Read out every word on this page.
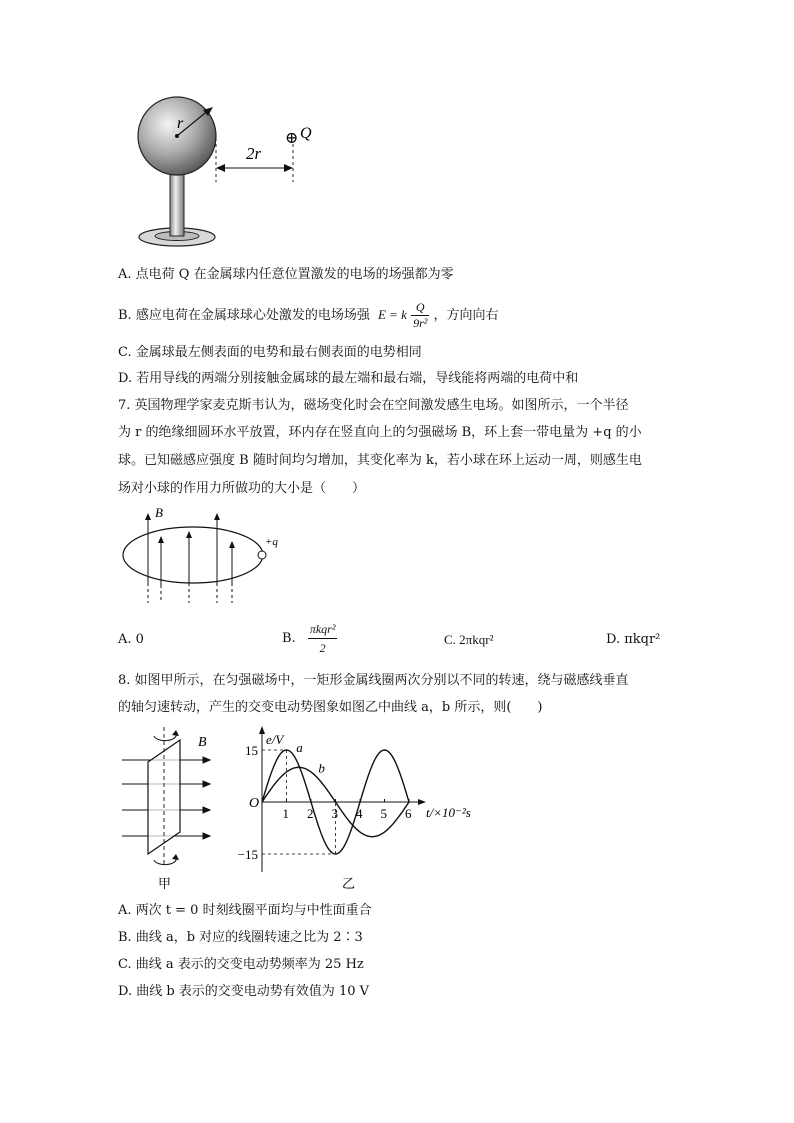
r
2r
⊕ Q
A. 点电荷 Q 在金属球内任意位置激发的电场的场强都为零
B. 感应电荷在金属球球心处激发的电场场强 E = k $\frac{Q}{\text{9r²}}$ ，方向向右
C. 金属球最左侧表面的电势和最右侧表面的电势相同
D. 若用导线的两端分别接触金属球的最左端和最右端，导线能将两端的电荷中和
7. 英国物理学家麦克斯韦认为，磁场变化时会在空间激发感生电场。如图所示，一个半径
为 r 的绝缘细圆环水平放置，环内存在竖直向上的匀强磁场 B，环上套一带电量为 +q 的小
球。已知磁感应强度 B 随时间均匀增加，其变化率为 k，若小球在环上运动一周，则感生电
场对小球的作用力所做功的大小是（　　）
B
+q
A. 0	B. $\frac{\text{πkqr²}}{2}$	C. 2πkqr²	D. πkqr²
8. 如图甲所示，在匀强磁场中，一矩形金属线圈两次分别以不同的转速，绕与磁感线垂直
的轴匀速转动，产生的交变电动势图象如图乙中曲线 a，b 所示，则(　　)
B
甲
e/V
t/×10⁻²s
O
15
−15
1 2 3 4 5 6
a
b
乙
A. 两次 t = 0 时刻线圈平面均与中性面重合
B. 曲线 a，b 对应的线圈转速之比为 2∶3
C. 曲线 a 表示的交变电动势频率为 25 Hz
D. 曲线 b 表示的交变电动势有效值为 10 V
